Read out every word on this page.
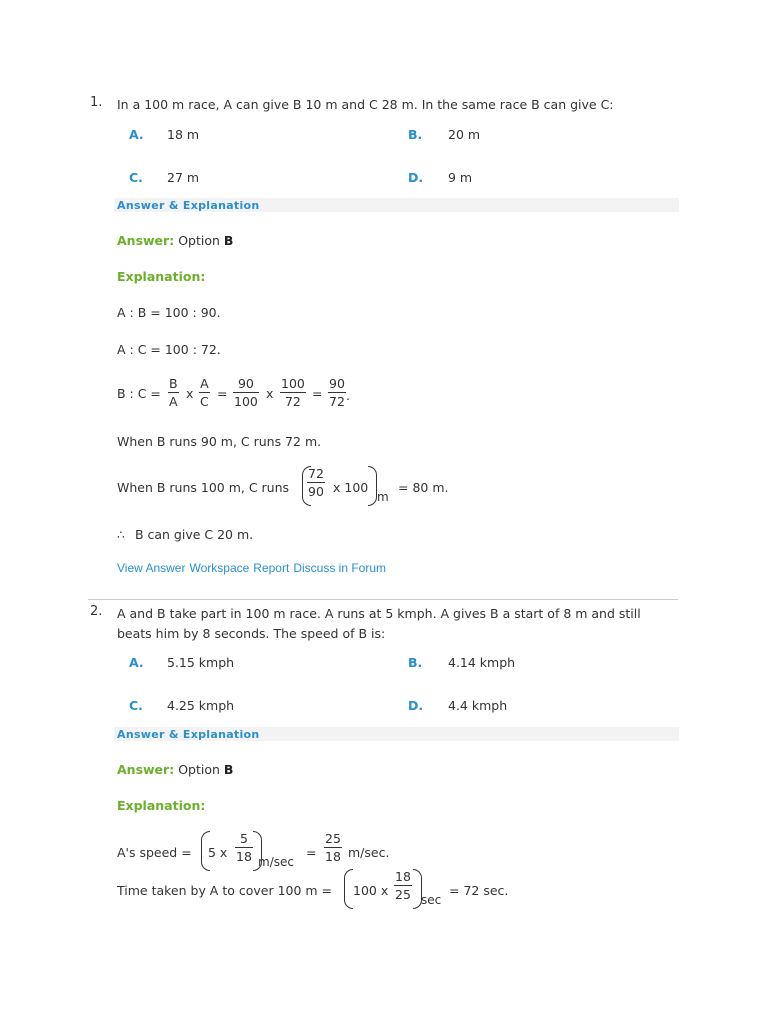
1. In a 100 m race, A can give B 10 m and C 28 m. In the same race B can give C:
A. 18 m	B. 20 m
C. 27 m	D. 9 m
Answer & Explanation
Answer: Option B
Explanation:
A : B = 100 : 90.
A : C = 100 : 72.
B : C =
B
A
x
A
C
=
90
100
x
100
72
=
90
72 .
When B runs 90 m, C runs 72 m.
When B runs 100 m, C runs
72
90 x 100
m
= 80 m.
∴ B can give C 20 m.
View Answer Workspace Report Discuss in Forum
2. A and B take part in 100 m race. A runs at 5 kmph. A gives B a start of 8 m and still
beats him by 8 seconds. The speed of B is:
A. 5.15 kmph	B. 4.14 kmph
C. 4.25 kmph	D. 4.4 kmph
Answer & Explanation
Answer: Option B
Explanation:
A's speed = 5 x
5
18 m/sec
=
25
18 m/sec.
Time taken by A to cover 100 m = 100 x
18
25 sec
= 72 sec.
